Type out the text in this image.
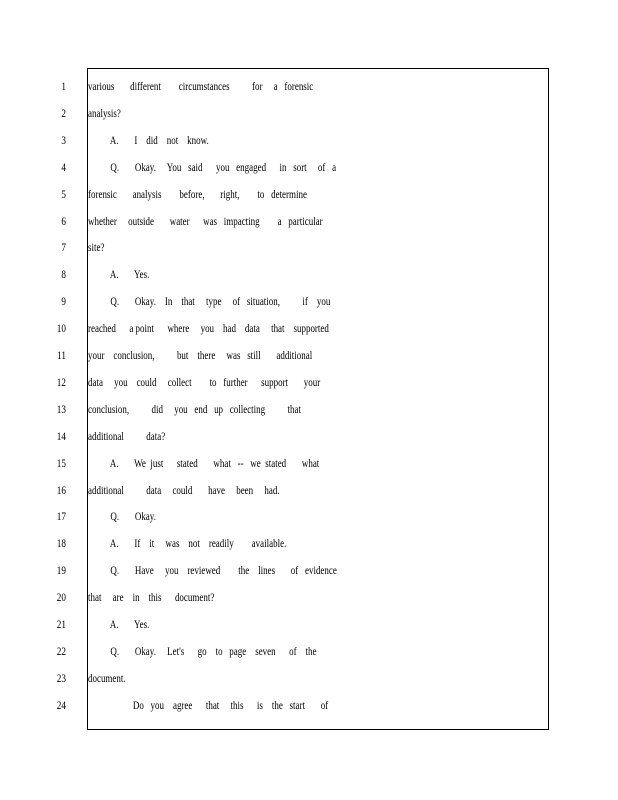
1 various       different        circumstances          for     a   forensic
2 analysis?
3 A.       I    did    not    know.
4 Q.       Okay.     You   said      you   engaged      in   sort     of   a
5 forensic       analysis        before,       right,        to   determine
6 whether     outside       water      was   impacting        a   particular
7 site?
8 A.       Yes.
9 Q.       Okay.    In    that     type     of   situation,          if    you
10 reached      a point      where     you    had    data     that    supported
11 your    conclusion,          but    there     was   still       additional
12 data     you    could     collect        to   further      support       your
13 conclusion,          did     you   end   up   collecting          that
14 additional          data?
15 A.       We  just      stated       what   --   we  stated       what
16 additional          data     could       have     been     had.
17 Q.       Okay.
18 A.       If    it     was    not    readily        available.
19 Q.       Have     you    reviewed        the    lines       of   evidence
20 that     are    in    this      document?
21 A.       Yes.
22 Q.       Okay.     Let's      go    to   page    seven      of    the
23 document.
24 Do   you    agree      that     this      is    the   start       of
